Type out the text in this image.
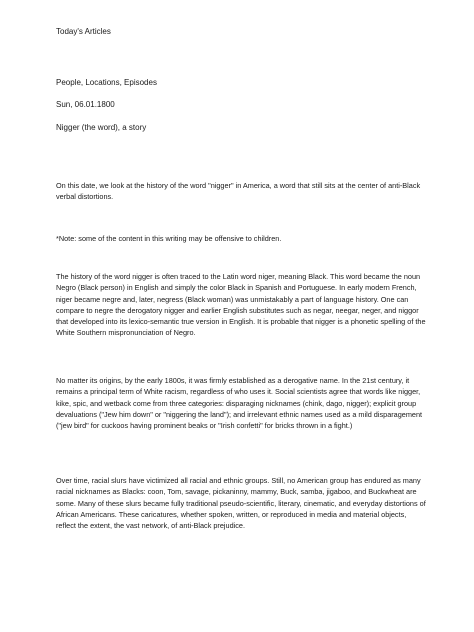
Today's Articles
People, Locations, Episodes
Sun, 06.01.1800
Nigger (the word), a story

On this date, we look at the history of the word "nigger" in America, a word that still sits at the center of anti-Black verbal distortions.

*Note: some of the content in this writing may be offensive to children.

The history of the word nigger is often traced to the Latin word niger, meaning Black. This word became the noun Negro (Black person) in English and simply the color Black in Spanish and Portuguese. In early modern French, niger became negre and, later, negress (Black woman) was unmistakably a part of language history. One can compare to negre the derogatory nigger and earlier English substitutes such as negar, neegar, neger, and niggor that developed into its lexico-semantic true version in English. It is probable that nigger is a phonetic spelling of the White Southern mispronunciation of Negro.

No matter its origins, by the early 1800s, it was firmly established as a derogative name. In the 21st century, it remains a principal term of White racism, regardless of who uses it. Social scientists agree that words like nigger, kike, spic, and wetback come from three categories: disparaging nicknames (chink, dago, nigger); explicit group devaluations ("Jew him down" or "niggering the land"); and irrelevant ethnic names used as a mild disparagement ("jew bird" for cuckoos having prominent beaks or "Irish confetti" for bricks thrown in a fight.)

Over time, racial slurs have victimized all racial and ethnic groups. Still, no American group has endured as many racial nicknames as Blacks: coon, Tom, savage, pickaninny, mammy, Buck, samba, jigaboo, and Buckwheat are some. Many of these slurs became fully traditional pseudo-scientific, literary, cinematic, and everyday distortions of African Americans. These caricatures, whether spoken, written, or reproduced in media and material objects, reflect the extent, the vast network, of anti-Black prejudice.
